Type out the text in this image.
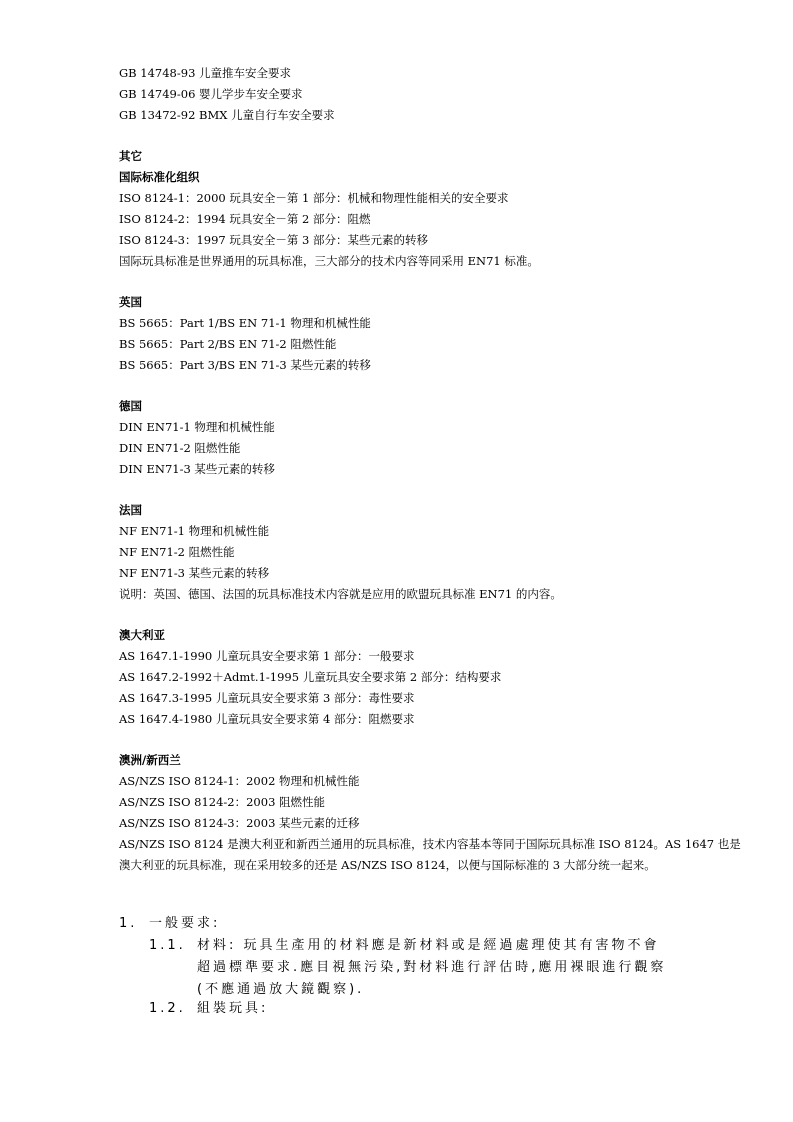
GB 14748-93 儿童推车安全要求
GB 14749-06 婴儿学步车安全要求
GB 13472-92 BMX 儿童自行车安全要求
其它
国际标准化组织
ISO 8124-1：2000 玩具安全－第 1 部分：机械和物理性能相关的安全要求
ISO 8124-2：1994 玩具安全－第 2 部分：阻燃
ISO 8124-3：1997 玩具安全－第 3 部分：某些元素的转移
国际玩具标准是世界通用的玩具标准，三大部分的技术内容等同采用 EN71 标准。
英国
BS 5665：Part 1/BS EN 71-1 物理和机械性能
BS 5665：Part 2/BS EN 71-2 阻燃性能
BS 5665：Part 3/BS EN 71-3 某些元素的转移
德国
DIN EN71-1 物理和机械性能
DIN EN71-2 阻燃性能
DIN EN71-3 某些元素的转移
法国
NF EN71-1 物理和机械性能
NF EN71-2 阻燃性能
NF EN71-3 某些元素的转移
说明：英国、德国、法国的玩具标准技术内容就是应用的欧盟玩具标准 EN71 的内容。
澳大利亚
AS 1647.1-1990 儿童玩具安全要求第 1 部分：一般要求
AS 1647.2-1992＋Admt.1-1995 儿童玩具安全要求第 2 部分：结构要求
AS 1647.3-1995 儿童玩具安全要求第 3 部分：毒性要求
AS 1647.4-1980 儿童玩具安全要求第 4 部分：阻燃要求
澳洲/新西兰
AS/NZS ISO 8124-1：2002 物理和机械性能
AS/NZS ISO 8124-2：2003 阻燃性能
AS/NZS ISO 8124-3：2003 某些元素的迁移
AS/NZS ISO 8124 是澳大利亚和新西兰通用的玩具标准，技术内容基本等同于国际玩具标准 ISO 8124。AS 1647 也是
澳大利亚的玩具标准，现在采用较多的还是 AS/NZS ISO 8124，以便与国际标准的 3 大部分统一起来。
1. 一般要求:
1.1. 材料: 玩具生產用的材料應是新材料或是經過處理使其有害物不會
超過標準要求.應目視無污染,對材料進行評估時,應用裸眼進行觀察
(不應通過放大鏡觀察).
1.2. 組裝玩具:
